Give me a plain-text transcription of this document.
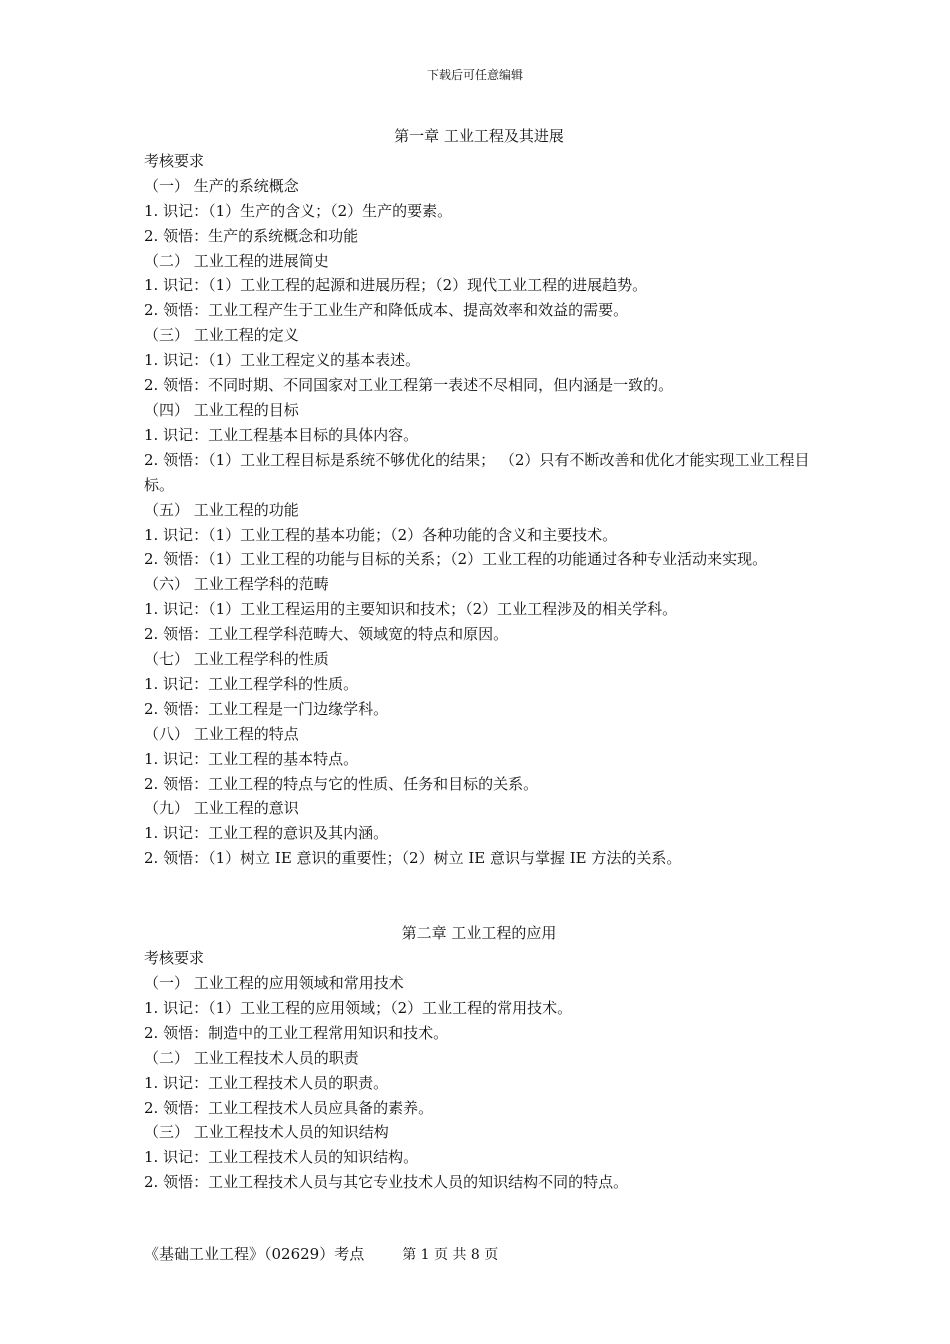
下载后可任意编辑
第一章 工业工程及其进展
考核要求
（一） 生产的系统概念
1. 识记：（1）生产的含义；（2）生产的要素。
2. 领悟：生产的系统概念和功能
（二） 工业工程的进展简史
1. 识记：（1）工业工程的起源和进展历程；（2）现代工业工程的进展趋势。
2. 领悟：工业工程产生于工业生产和降低成本、提高效率和效益的需要。
（三） 工业工程的定义
1. 识记：（1）工业工程定义的基本表述。
2. 领悟：不同时期、不同国家对工业工程第一表述不尽相同，但内涵是一致的。
（四） 工业工程的目标
1. 识记：工业工程基本目标的具体内容。
2. 领悟：（1）工业工程目标是系统不够优化的结果； （2）只有不断改善和优化才能实现工业工程目标。
（五） 工业工程的功能
1. 识记：（1）工业工程的基本功能；（2）各种功能的含义和主要技术。
2. 领悟：（1）工业工程的功能与目标的关系；（2）工业工程的功能通过各种专业活动来实现。
（六） 工业工程学科的范畴
1. 识记：（1）工业工程运用的主要知识和技术；（2）工业工程涉及的相关学科。
2. 领悟：工业工程学科范畴大、领域宽的特点和原因。
（七） 工业工程学科的性质
1. 识记：工业工程学科的性质。
2. 领悟：工业工程是一门边缘学科。
（八） 工业工程的特点
1. 识记：工业工程的基本特点。
2. 领悟：工业工程的特点与它的性质、任务和目标的关系。
（九） 工业工程的意识
1. 识记：工业工程的意识及其内涵。
2. 领悟：（1）树立 IE 意识的重要性；（2）树立 IE 意识与掌握 IE 方法的关系。
第二章 工业工程的应用
考核要求
（一） 工业工程的应用领域和常用技术
1. 识记：（1）工业工程的应用领域；（2）工业工程的常用技术。
2. 领悟：制造中的工业工程常用知识和技术。
（二） 工业工程技术人员的职责
1. 识记：工业工程技术人员的职责。
2. 领悟：工业工程技术人员应具备的素养。
（三） 工业工程技术人员的知识结构
1. 识记：工业工程技术人员的知识结构。
2. 领悟：工业工程技术人员与其它专业技术人员的知识结构不同的特点。
《基础工业工程》（02629）考点	第 1 页 共 8 页
